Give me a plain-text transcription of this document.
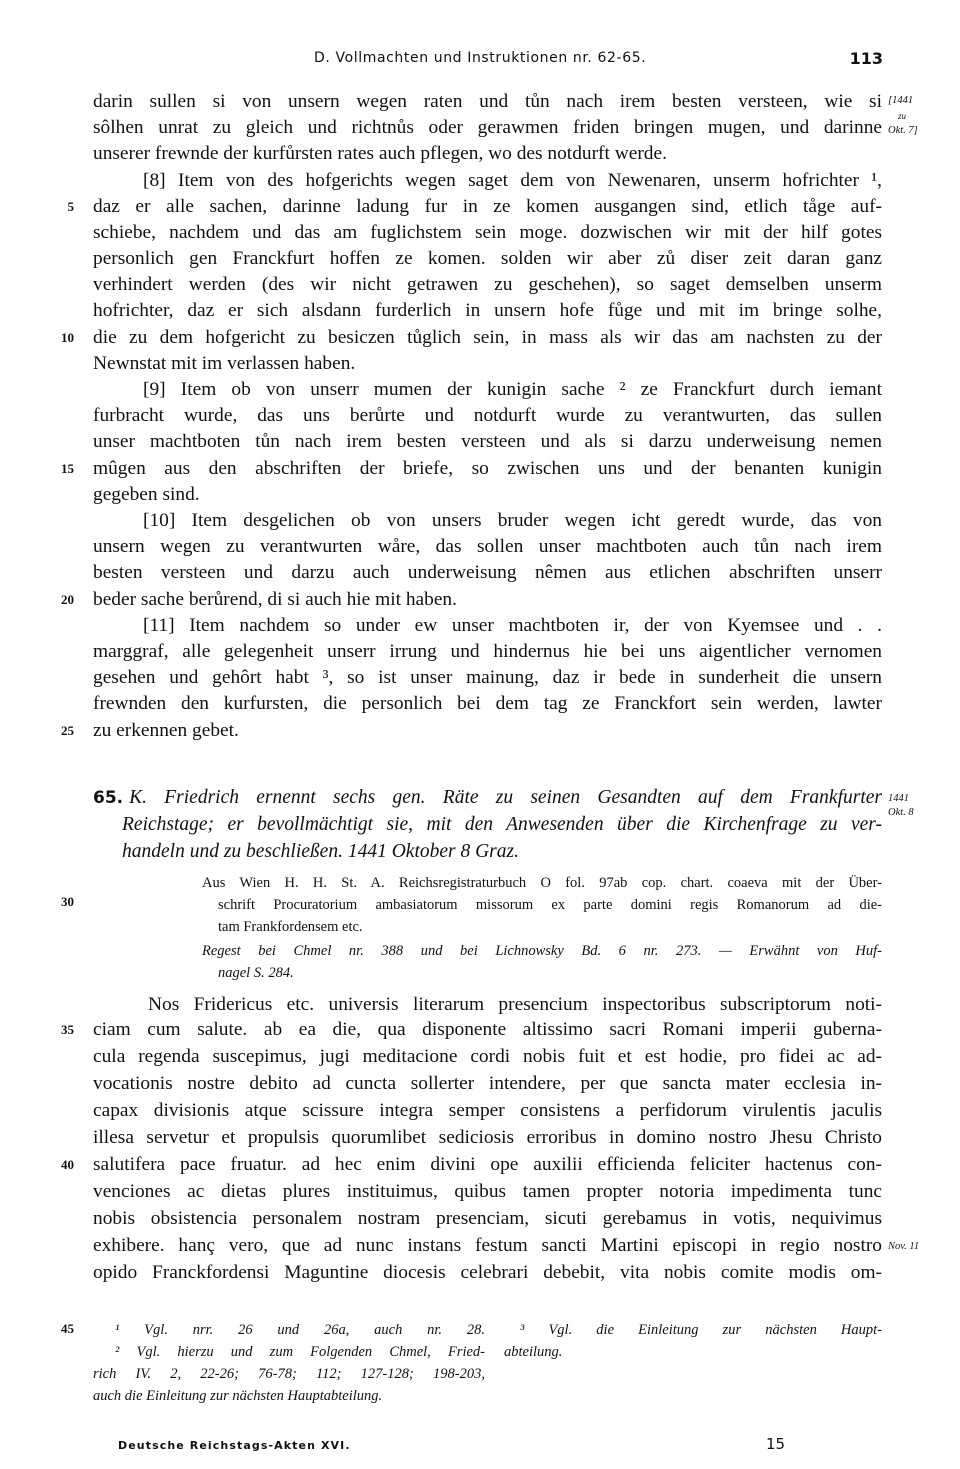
D. Vollmachten und Instruktionen nr. 62-65.	113
[1441
zu
Okt. 7]
1441
Okt. 8
Nov. 11
darin sullen si von unsern wegen raten und tůn nach irem besten versteen, wie si
sôlhen unrat zu gleich und richtnůs oder gerawmen friden bringen mugen, und darinne
unserer frewnde der kurfůrsten rates auch pflegen, wo des notdurft werde.
[8] Item von des hofgerichts wegen saget dem von Newenaren, unserm hofrichter ¹,
daz er alle sachen, darinne ladung fur in ze komen ausgangen sind, etlich tåge auf-
schiebe, nachdem und das am fuglichstem sein moge. dozwischen wir mit der hilf gotes
personlich gen Franckfurt hoffen ze komen. solden wir aber zů diser zeit daran ganz
verhindert werden (des wir nicht getrawen zu geschehen), so saget demselben unserm
hofrichter, daz er sich alsdann furderlich in unsern hofe fůge und mit im bringe solhe,
die zu dem hofgericht zu besiczen tůglich sein, in mass als wir das am nachsten zu der
Newnstat mit im verlassen haben.
[9] Item ob von unserr mumen der kunigin sache ² ze Franckfurt durch iemant
furbracht wurde, das uns berůrte und notdurft wurde zu verantwurten, das sullen
unser machtboten tůn nach irem besten versteen und als si darzu underweisung nemen
mûgen aus den abschriften der briefe, so zwischen uns und der benanten kunigin
gegeben sind.
[10] Item desgelichen ob von unsers bruder wegen icht geredt wurde, das von
unsern wegen zu verantwurten wåre, das sollen unser machtboten auch tůn nach irem
besten versteen und darzu auch underweisung nêmen aus etlichen abschriften unserr
beder sache berůrend, di si auch hie mit haben.
[11] Item nachdem so under ew unser machtboten ir, der von Kyemsee und . .
marggraf, alle gelegenheit unserr irrung und hindernus hie bei uns aigentlicher vernomen
gesehen und gehôrt habt ³, so ist unser mainung, daz ir bede in sunderheit die unsern
frewnden den kurfursten, die personlich bei dem tag ze Franckfort sein werden, lawter
zu erkennen gebet.
5
10
15
20
25
30
35
40
45
65. K. Friedrich ernennt sechs gen. Räte zu seinen Gesandten auf dem Frankfurter
Reichstage; er bevollmächtigt sie, mit den Anwesenden über die Kirchenfrage zu ver-
handeln und zu beschließen. 1441 Oktober 8 Graz.
Aus Wien H. H. St. A. Reichsregistraturbuch O fol. 97ab cop. chart. coaeva mit der Über-
schrift Procuratorium ambasiatorum missorum ex parte domini regis Romanorum ad die-
tam Frankfordensem etc.
Regest bei Chmel nr. 388 und bei Lichnowsky Bd. 6 nr. 273. — Erwähnt von Huf-
nagel S. 284.
Nos Fridericus etc. universis literarum presencium inspectoribus subscriptorum noti-
ciam cum salute. ab ea die, qua disponente altissimo sacri Romani imperii guberna-
cula regenda suscepimus, jugi meditacione cordi nobis fuit et est hodie, pro fidei ac ad-
vocationis nostre debito ad cuncta sollerter intendere, per que sancta mater ecclesia in-
capax divisionis atque scissure integra semper consistens a perfidorum virulentis jaculis
illesa servetur et propulsis quorumlibet sediciosis erroribus in domino nostro Jhesu Christo
salutifera pace fruatur. ad hec enim divini ope auxilii efficienda feliciter hactenus con-
venciones ac dietas plures instituimus, quibus tamen propter notoria impedimenta tunc
nobis obsistencia personalem nostram presenciam, sicuti gerebamus in votis, nequivimus
exhibere. hanç vero, que ad nunc instans festum sancti Martini episcopi in regio nostro
opido Franckfordensi Maguntine diocesis celebrari debebit, vita nobis comite modis om-
¹ Vgl. nrr. 26 und 26a, auch nr. 28.
² Vgl. hierzu und zum Folgenden Chmel, Fried-
rich IV. 2, 22-26; 76-78; 112; 127-128; 198-203,
auch die Einleitung zur nächsten Hauptabteilung.
³ Vgl. die Einleitung zur nächsten Haupt-
abteilung.
Deutsche Reichstags-Akten XVI.	15
